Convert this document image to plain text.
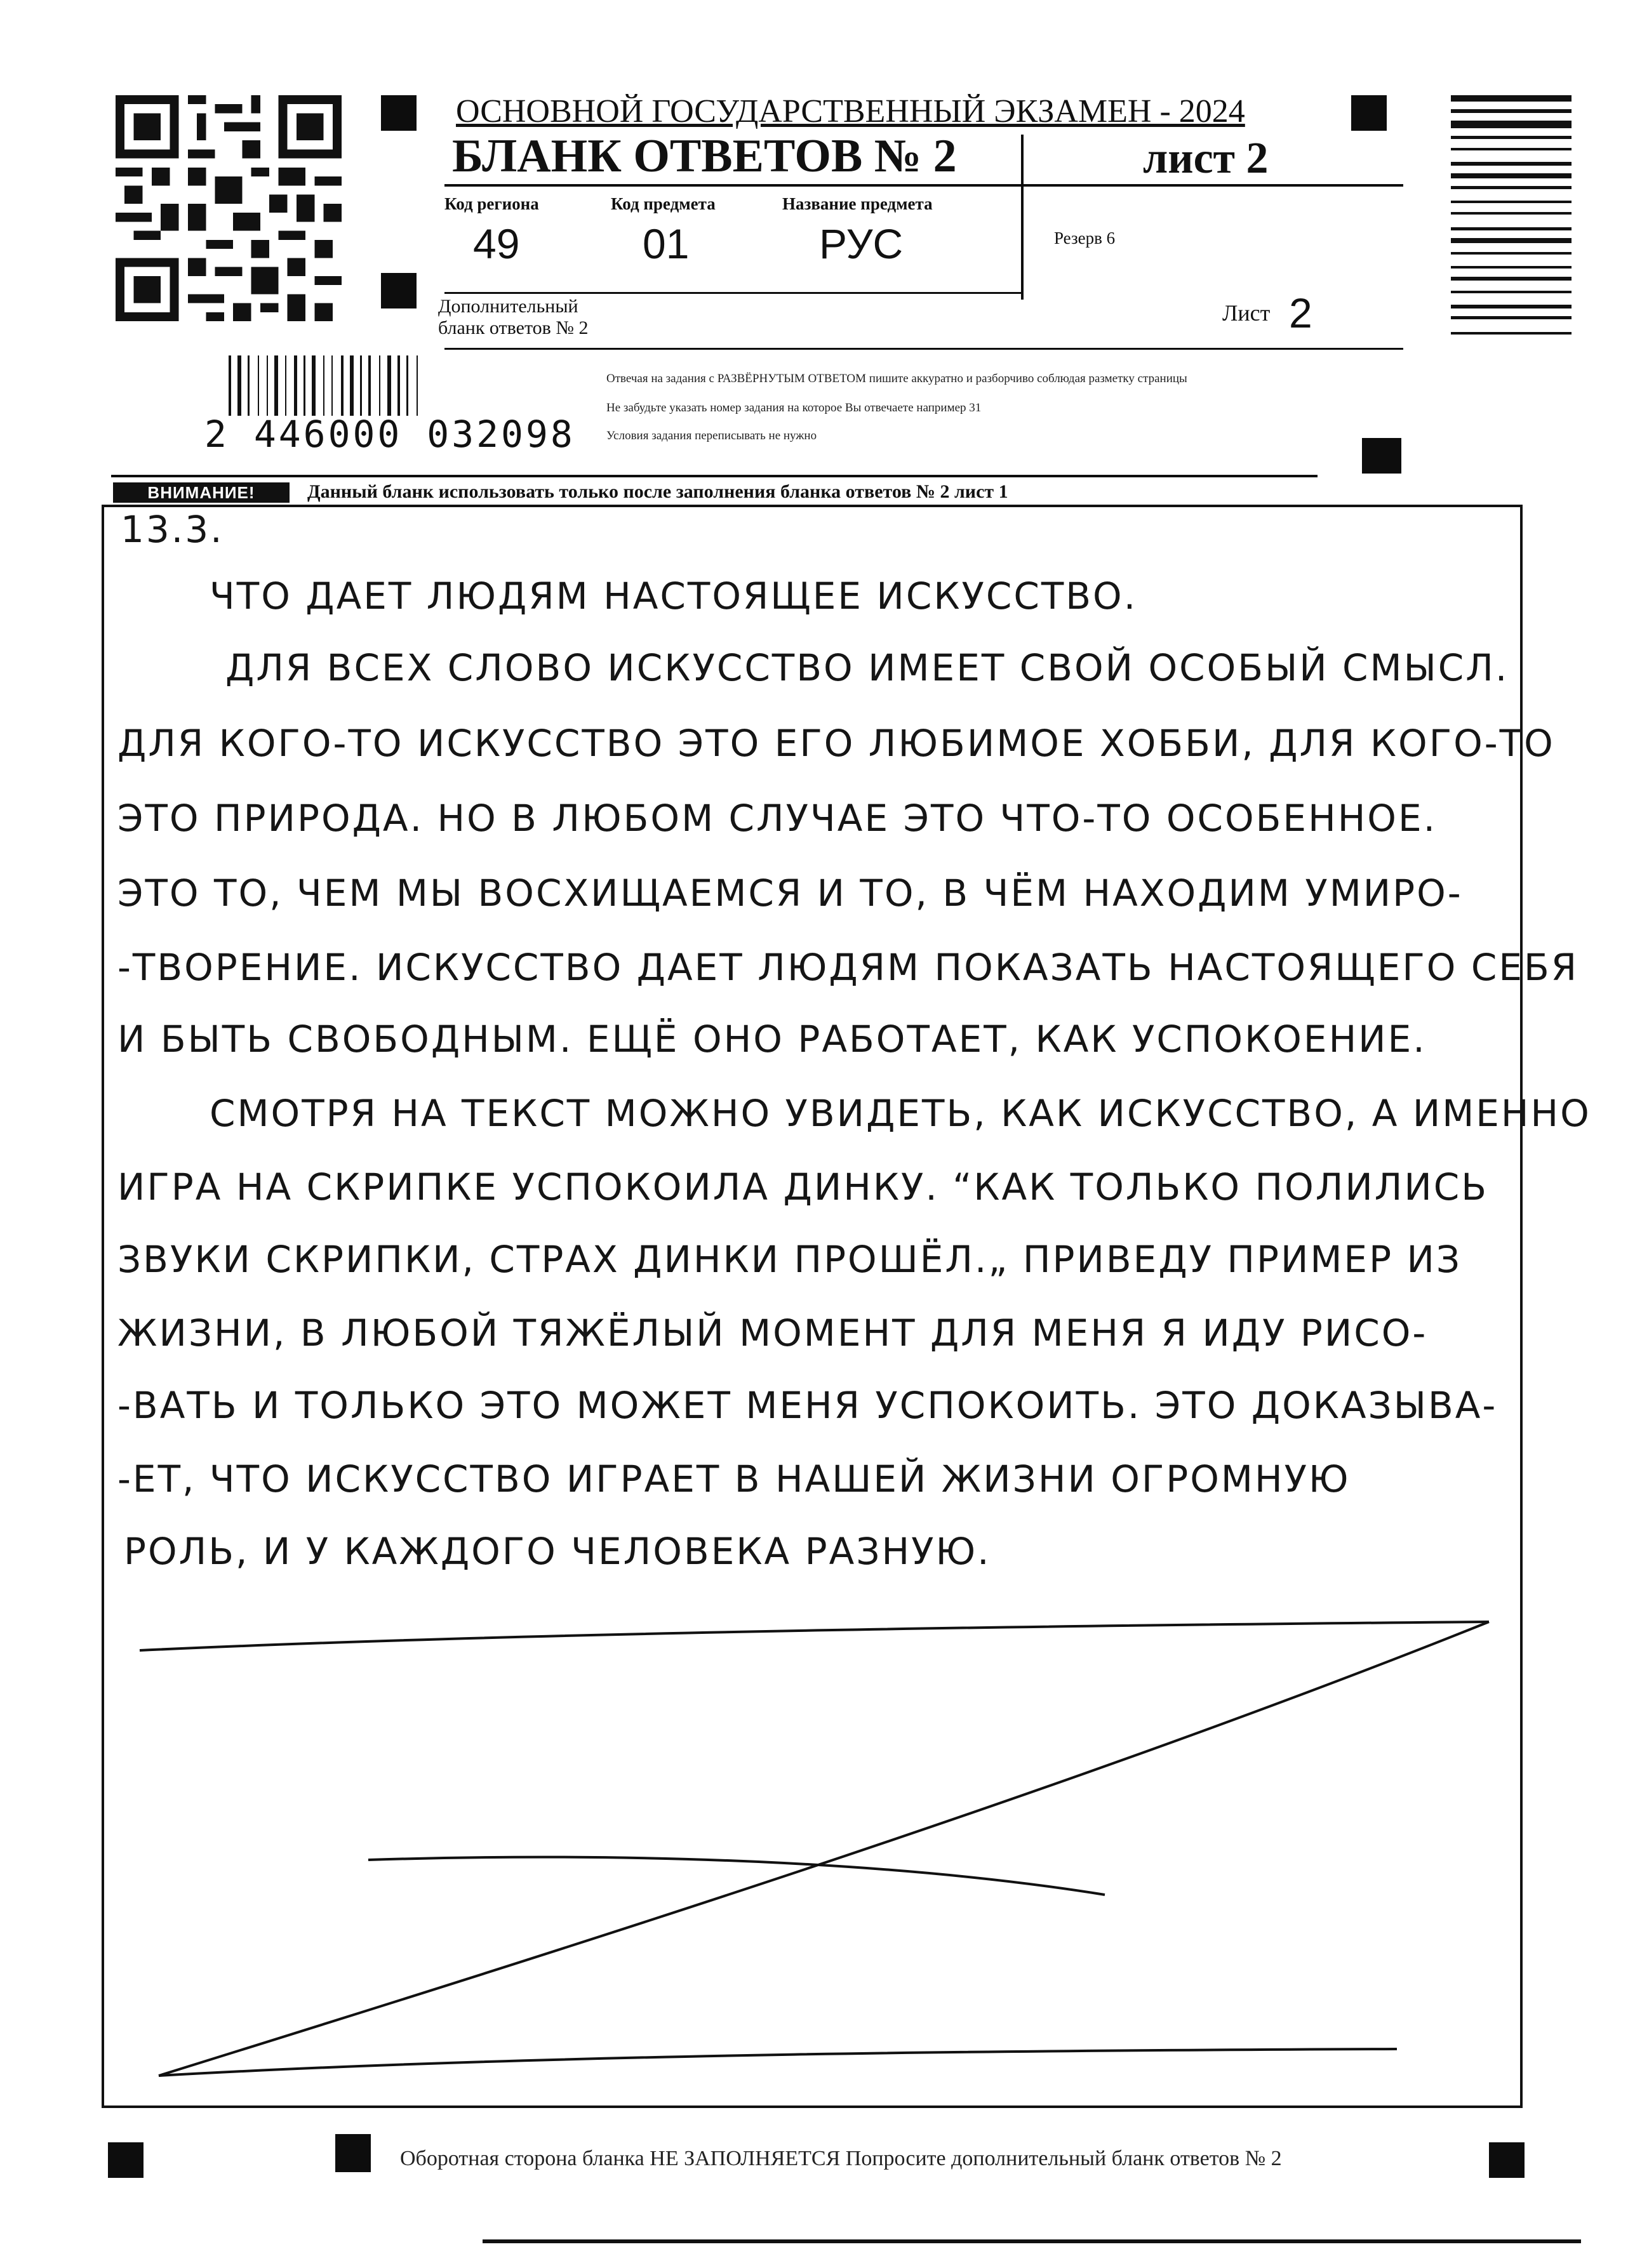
ОСНОВНОЙ ГОСУДАРСТВЕННЫЙ ЭКЗАМЕН - 2024
БЛАНК ОТВЕТОВ № 2	лист 2
Код региона
49
Код предмета
01
Название предмета
РУС	Резерв 6
Дополнительный
бланк ответов № 2
Лист 2
2 446000 032098
Отвечая на задания с РАЗВЁРНУТЫМ ОТВЕТОМ пишите аккуратно и разборчиво соблюдая разметку страницы
Не забудьте указать номер задания на которое Вы отвечаете например 31
Условия задания переписывать не нужно
ВНИМАНИЕ!	Данный бланк использовать только после заполнения бланка ответов № 2 лист 1
13.3.
ЧТО ДАЕТ ЛЮДЯМ НАСТОЯЩЕЕ ИСКУССТВО.
ДЛЯ ВСЕХ СЛОВО ИСКУССТВО ИМЕЕТ СВОЙ ОСОБЫЙ СМЫСЛ.
ДЛЯ КОГО-ТО ИСКУССТВО ЭТО ЕГО ЛЮБИМОЕ ХОББИ, ДЛЯ КОГО-ТО
ЭТО ПРИРОДА. НО В ЛЮБОМ СЛУЧАЕ ЭТО ЧТО-ТО ОСОБЕННОЕ.
ЭТО ТО, ЧЕМ МЫ ВОСХИЩАЕМСЯ И ТО, В ЧЁМ НАХОДИМ УМИРО-
-ТВОРЕНИЕ. ИСКУССТВО ДАЕТ ЛЮДЯМ ПОКАЗАТЬ НАСТОЯЩЕГО СЕБЯ
И БЫТЬ СВОБОДНЫМ. ЕЩЁ ОНО РАБОТАЕТ, КАК УСПОКОЕНИЕ.
СМОТРЯ НА ТЕКСТ МОЖНО УВИДЕТЬ, КАК ИСКУССТВО, А ИМЕННО
ИГРА НА СКРИПКЕ УСПОКОИЛА ДИНКУ. “КАК ТОЛЬКО ПОЛИЛИСЬ
ЗВУКИ СКРИПКИ, СТРАХ ДИНКИ ПРОШЁЛ.„ ПРИВЕДУ ПРИМЕР ИЗ
ЖИЗНИ, В ЛЮБОЙ ТЯЖЁЛЫЙ МОМЕНТ ДЛЯ МЕНЯ Я ИДУ РИСО-
-ВАТЬ И ТОЛЬКО ЭТО МОЖЕТ МЕНЯ УСПОКОИТЬ. ЭТО ДОКАЗЫВА-
-ЕТ, ЧТО ИСКУССТВО ИГРАЕТ В НАШЕЙ ЖИЗНИ ОГРОМНУЮ
РОЛЬ, И У КАЖДОГО ЧЕЛОВЕКА РАЗНУЮ.
Оборотная сторона бланка НЕ ЗАПОЛНЯЕТСЯ Попросите дополнительный бланк ответов № 2
